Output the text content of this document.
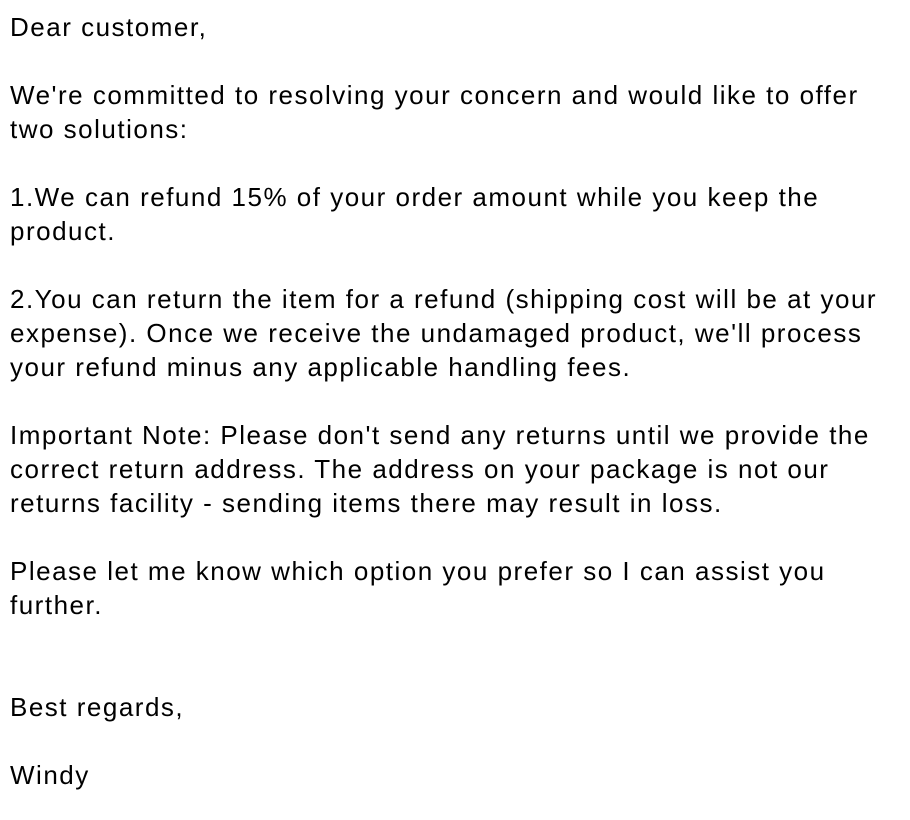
Dear customer,

We're committed to resolving your concern and would like to offer two solutions:

1.We can refund 15% of your order amount while you keep the product.

2.You can return the item for a refund (shipping cost will be at your expense). Once we receive the undamaged product, we'll process your refund minus any applicable handling fees.

Important Note: Please don't send any returns until we provide the correct return address. The address on your package is not our returns facility - sending items there may result in loss.

Please let me know which option you prefer so I can assist you further.

Best regards,

Windy
